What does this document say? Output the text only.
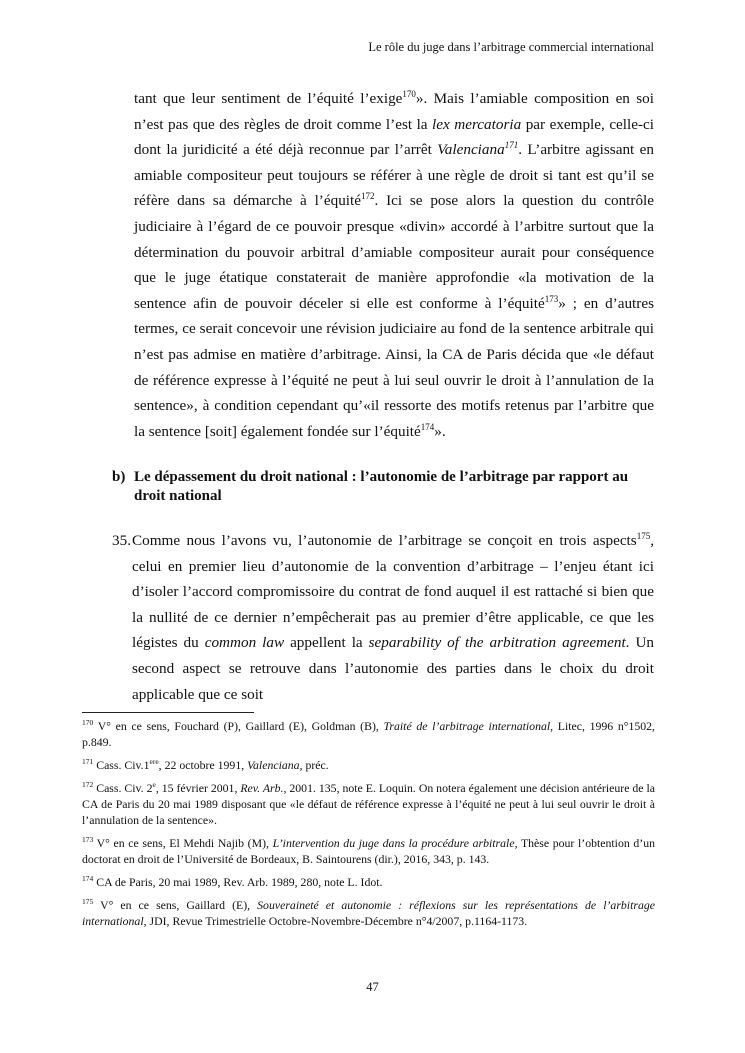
Le rôle du juge dans l’arbitrage commercial international

tant que leur sentiment de l’équité l’exige$^{170}$». Mais l’amiable composition en soi n’est pas que des règles de droit comme l’est la lex mercatoria par exemple, celle-ci dont la juridicité a été déjà reconnue par l’arrêt Valenciana$^{171}$. L’arbitre agissant en amiable compositeur peut toujours se référer à une règle de droit si tant est qu’il se réfère dans sa démarche à l’équité$^{172}$. Ici se pose alors la question du contrôle judiciaire à l’égard de ce pouvoir presque «divin» accordé à l’arbitre surtout que la détermination du pouvoir arbitral d’amiable compositeur aurait pour conséquence que le juge étatique constaterait de manière approfondie «la motivation de la sentence afin de pouvoir déceler si elle est conforme à l’équité$^{173}$» ; en d’autres termes, ce serait concevoir une révision judiciaire au fond de la sentence arbitrale qui n’est pas admise en matière d’arbitrage. Ainsi, la CA de Paris décida que «le défaut de référence expresse à l’équité ne peut à lui seul ouvrir le droit à l’annulation de la sentence», à condition cependant qu’«il ressorte des motifs retenus par l’arbitre que la sentence [soit] également fondée sur l’équité$^{174}$».

b) Le dépassement du droit national : l’autonomie de l’arbitrage par rapport au droit national
35. Comme nous l’avons vu, l’autonomie de l’arbitrage se conçoit en trois aspects$^{175}$, celui en premier lieu d’autonomie de la convention d’arbitrage – l’enjeu étant ici d’isoler l’accord compromissoire du contrat de fond auquel il est rattaché si bien que la nullité de ce dernier n’empêcherait pas au premier d’être applicable, ce que les légistes du common law appellent la separability of the arbitration agreement. Un second aspect se retrouve dans l’autonomie des parties dans le choix du droit applicable que ce soit

$^{170}$ V° en ce sens, Fouchard (P), Gaillard (E), Goldman (B), Traité de l’arbitrage international, Litec, 1996 n°1502, p.849.

$^{171}$ Cass. Civ.1ere, 22 octobre 1991, Valenciana, préc.

$^{172}$ Cass. Civ. 2e, 15 février 2001, Rev. Arb., 2001. 135, note E. Loquin. On notera également une décision antérieure de la CA de Paris du 20 mai 1989 disposant que «le défaut de référence expresse à l’équité ne peut à lui seul ouvrir le droit à l’annulation de la sentence».

$^{173}$ V° en ce sens, El Mehdi Najib (M), L’intervention du juge dans la procédure arbitrale, Thèse pour l’obtention d’un doctorat en droit de l’Université de Bordeaux, B. Saintourens (dir.), 2016, 343, p. 143.

$^{174}$ CA de Paris, 20 mai 1989, Rev. Arb. 1989, 280, note L. Idot.

$^{175}$ V° en ce sens, Gaillard (E), Souveraineté et autonomie : réflexions sur les représentations de l’arbitrage international, JDI, Revue Trimestrielle Octobre-Novembre-Décembre n°4/2007, p.1164-1173.

47
